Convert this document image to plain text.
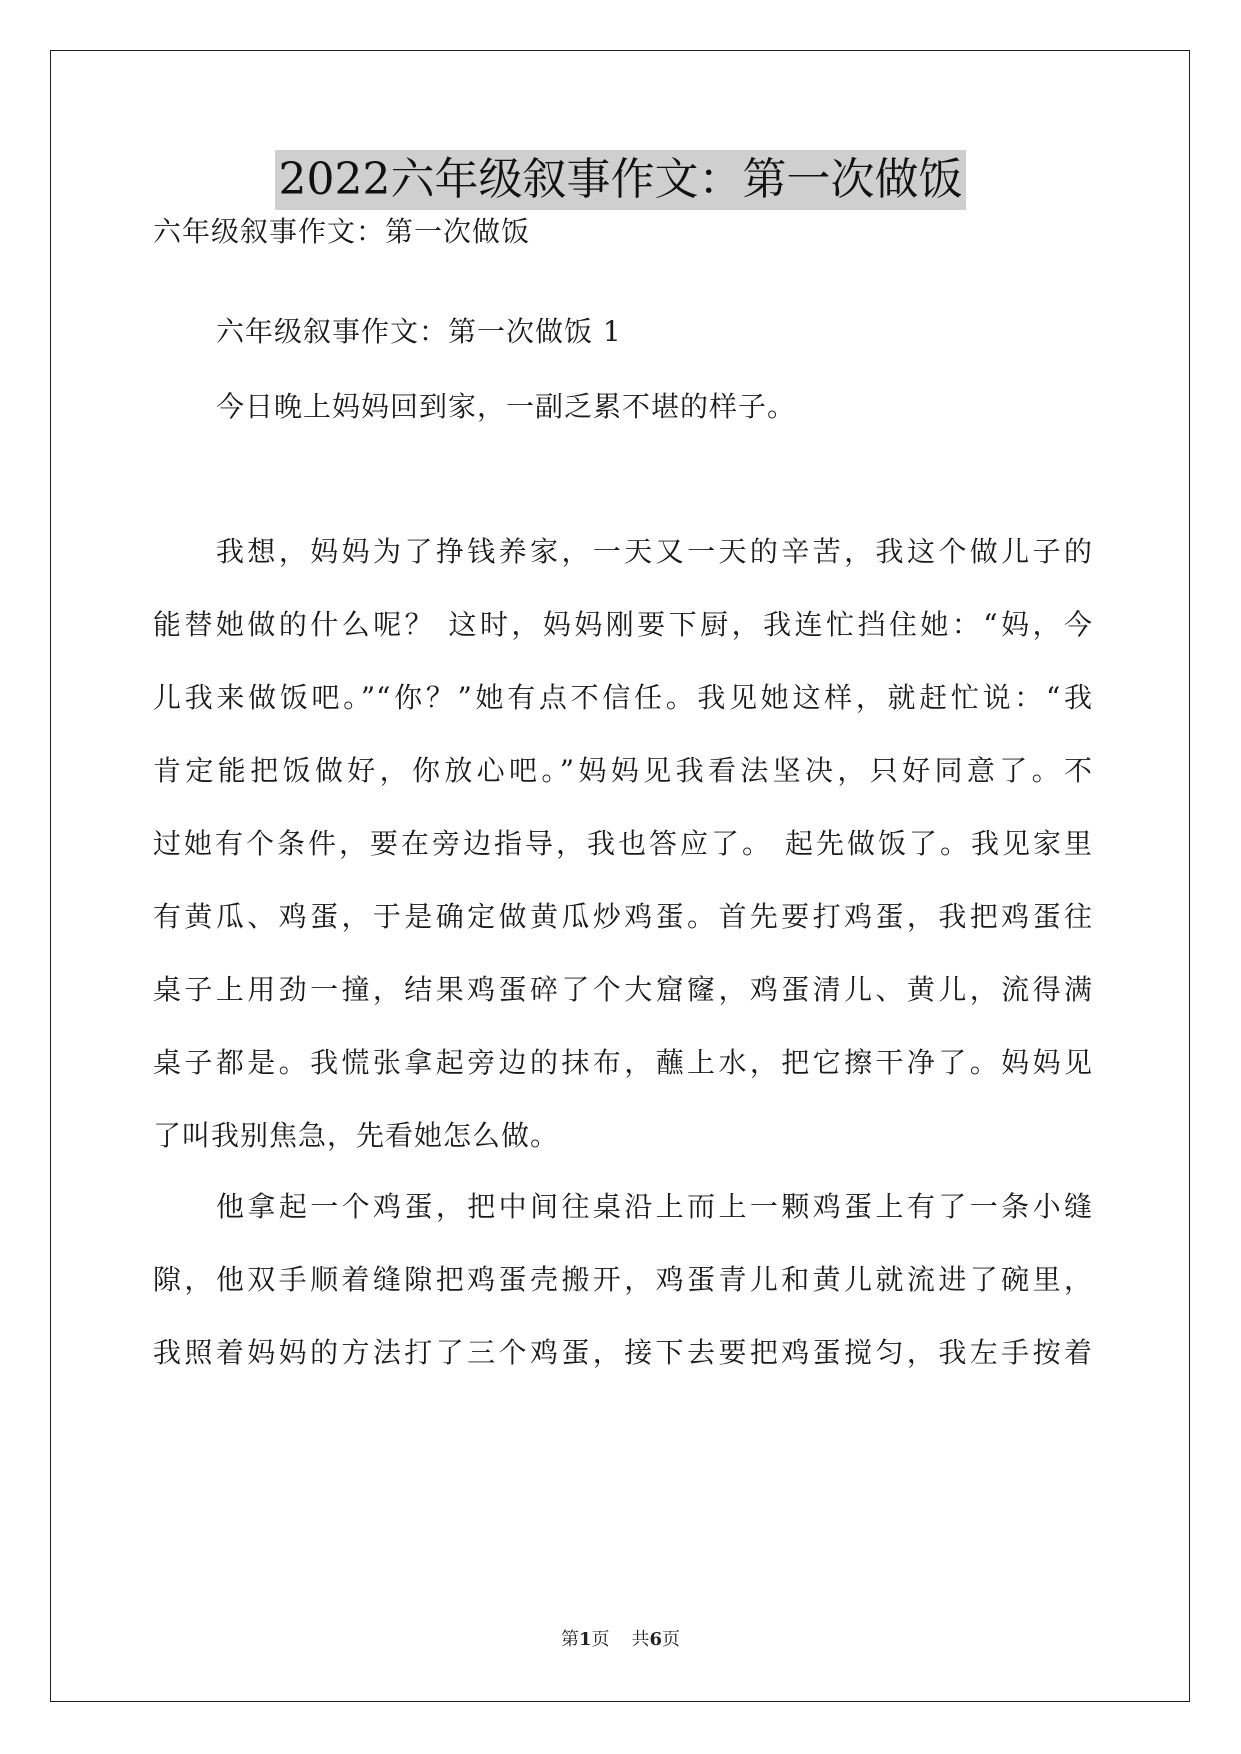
2022六年级叙事作文：第一次做饭
六年级叙事作文：第一次做饭
六年级叙事作文：第一次做饭 1
今日晚上妈妈回到家，一副乏累不堪的样子。
我想，妈妈为了挣钱养家，一天又一天的辛苦，我这个做儿子的
能替她做的什么呢？ 这时，妈妈刚要下厨，我连忙挡住她：“妈，今
儿我来做饭吧。”“你？”她有点不信任。我见她这样，就赶忙说：“我
肯定能把饭做好，你放心吧。”妈妈见我看法坚决，只好同意了。不
过她有个条件，要在旁边指导，我也答应了。 起先做饭了。我见家里
有黄瓜、鸡蛋，于是确定做黄瓜炒鸡蛋。首先要打鸡蛋，我把鸡蛋往
桌子上用劲一撞，结果鸡蛋碎了个大窟窿，鸡蛋清儿、黄儿，流得满
桌子都是。我慌张拿起旁边的抹布，蘸上水，把它擦干净了。妈妈见
了叫我别焦急，先看她怎么做。
他拿起一个鸡蛋，把中间往桌沿上而上一颗鸡蛋上有了一条小缝
隙，他双手顺着缝隙把鸡蛋壳搬开，鸡蛋青儿和黄儿就流进了碗里，
我照着妈妈的方法打了三个鸡蛋，接下去要把鸡蛋搅匀，我左手按着
第1页 共6页
